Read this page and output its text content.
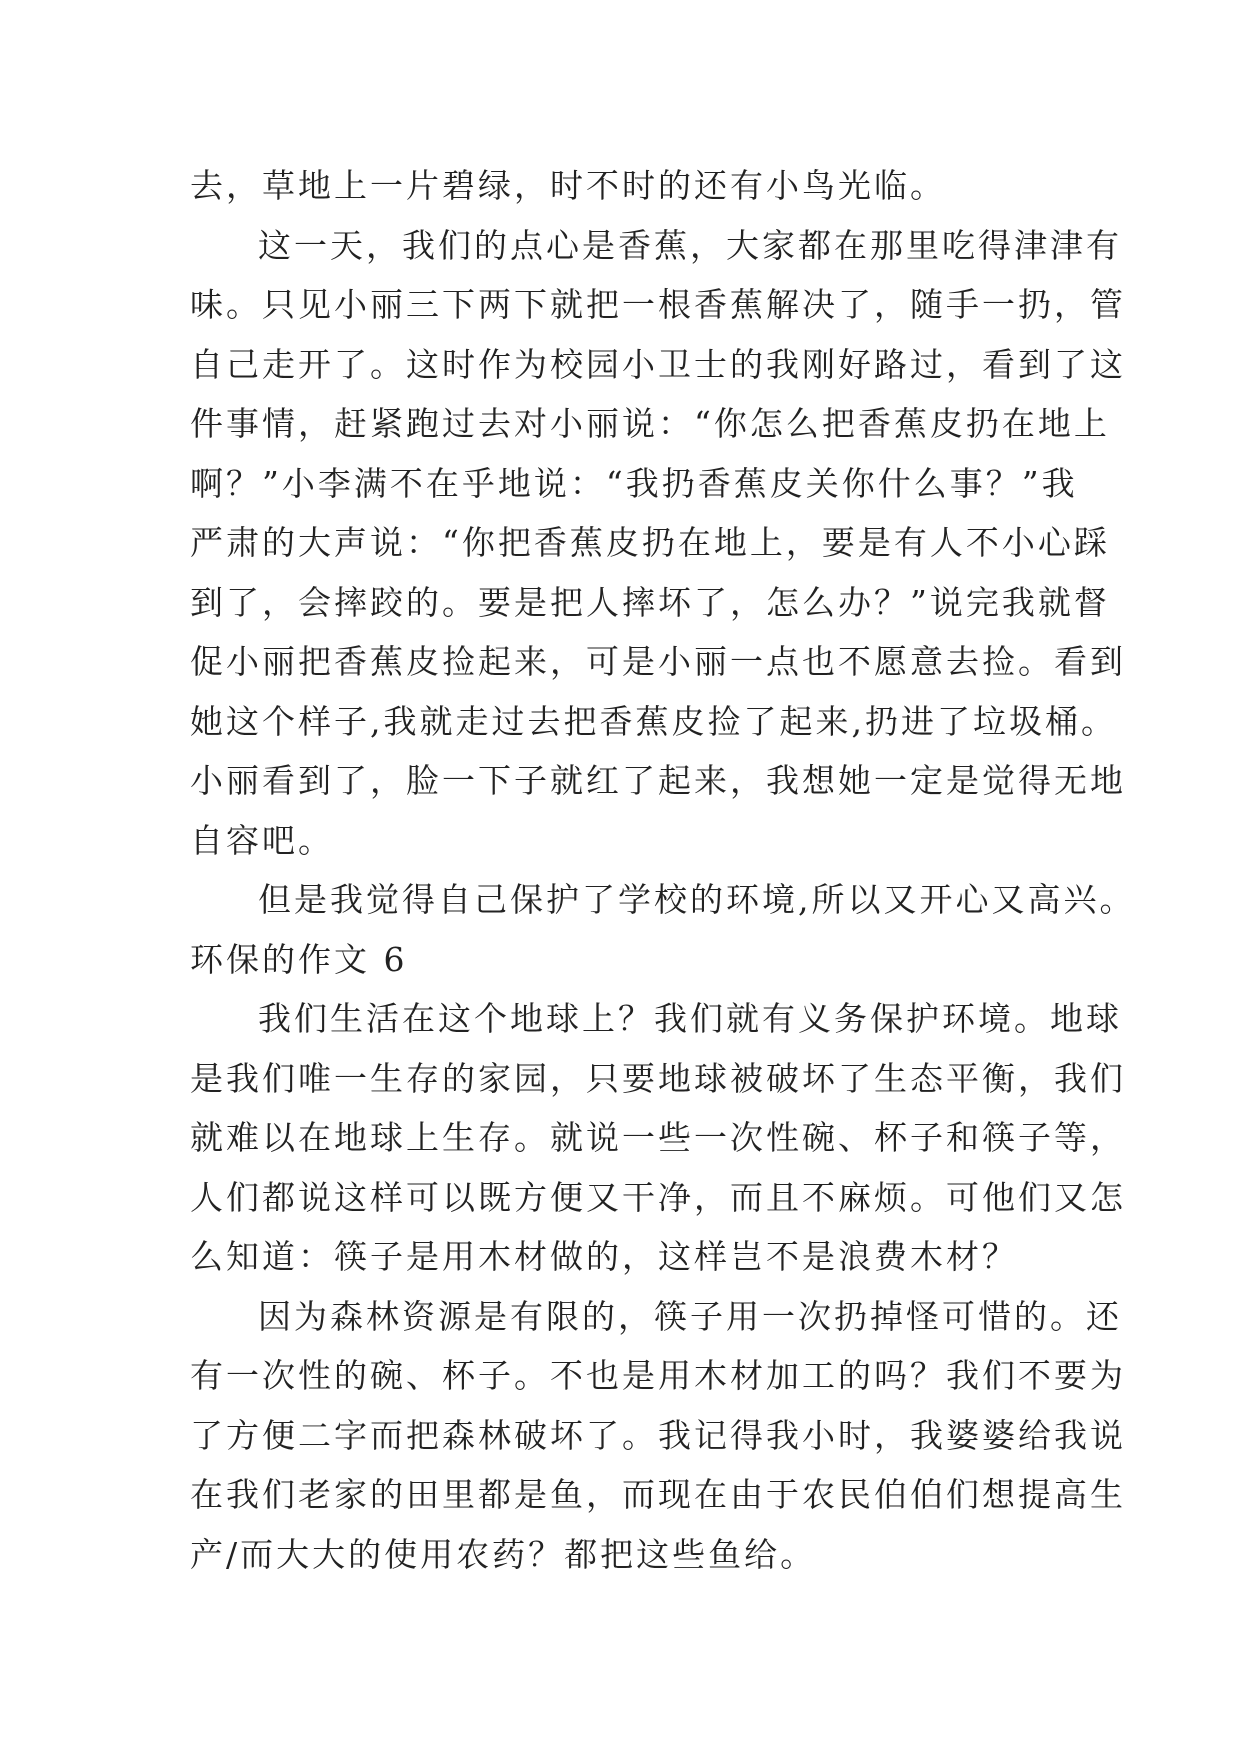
去，草地上一片碧绿，时不时的还有小鸟光临。
这一天，我们的点心是香蕉，大家都在那里吃得津津有
味。只见小丽三下两下就把一根香蕉解决了，随手一扔，管
自己走开了。这时作为校园小卫士的我刚好路过，看到了这
件事情，赶紧跑过去对小丽说：“你怎么把香蕉皮扔在地上
啊？”小李满不在乎地说：“我扔香蕉皮关你什么事？”我
严肃的大声说：“你把香蕉皮扔在地上，要是有人不小心踩
到了，会摔跤的。要是把人摔坏了，怎么办？”说完我就督
促小丽把香蕉皮捡起来，可是小丽一点也不愿意去捡。看到
她这个样子,我就走过去把香蕉皮捡了起来,扔进了垃圾桶。
小丽看到了，脸一下子就红了起来，我想她一定是觉得无地
自容吧。
但是我觉得自己保护了学校的环境,所以又开心又高兴。
环保的作文 6
我们生活在这个地球上？我们就有义务保护环境。地球
是我们唯一生存的家园，只要地球被破坏了生态平衡，我们
就难以在地球上生存。就说一些一次性碗、杯子和筷子等，
人们都说这样可以既方便又干净，而且不麻烦。可他们又怎
么知道：筷子是用木材做的，这样岂不是浪费木材？
因为森林资源是有限的，筷子用一次扔掉怪可惜的。还
有一次性的碗、杯子。不也是用木材加工的吗？我们不要为
了方便二字而把森林破坏了。我记得我小时，我婆婆给我说
在我们老家的田里都是鱼，而现在由于农民伯伯们想提高生
产/而大大的使用农药？都把这些鱼给。
